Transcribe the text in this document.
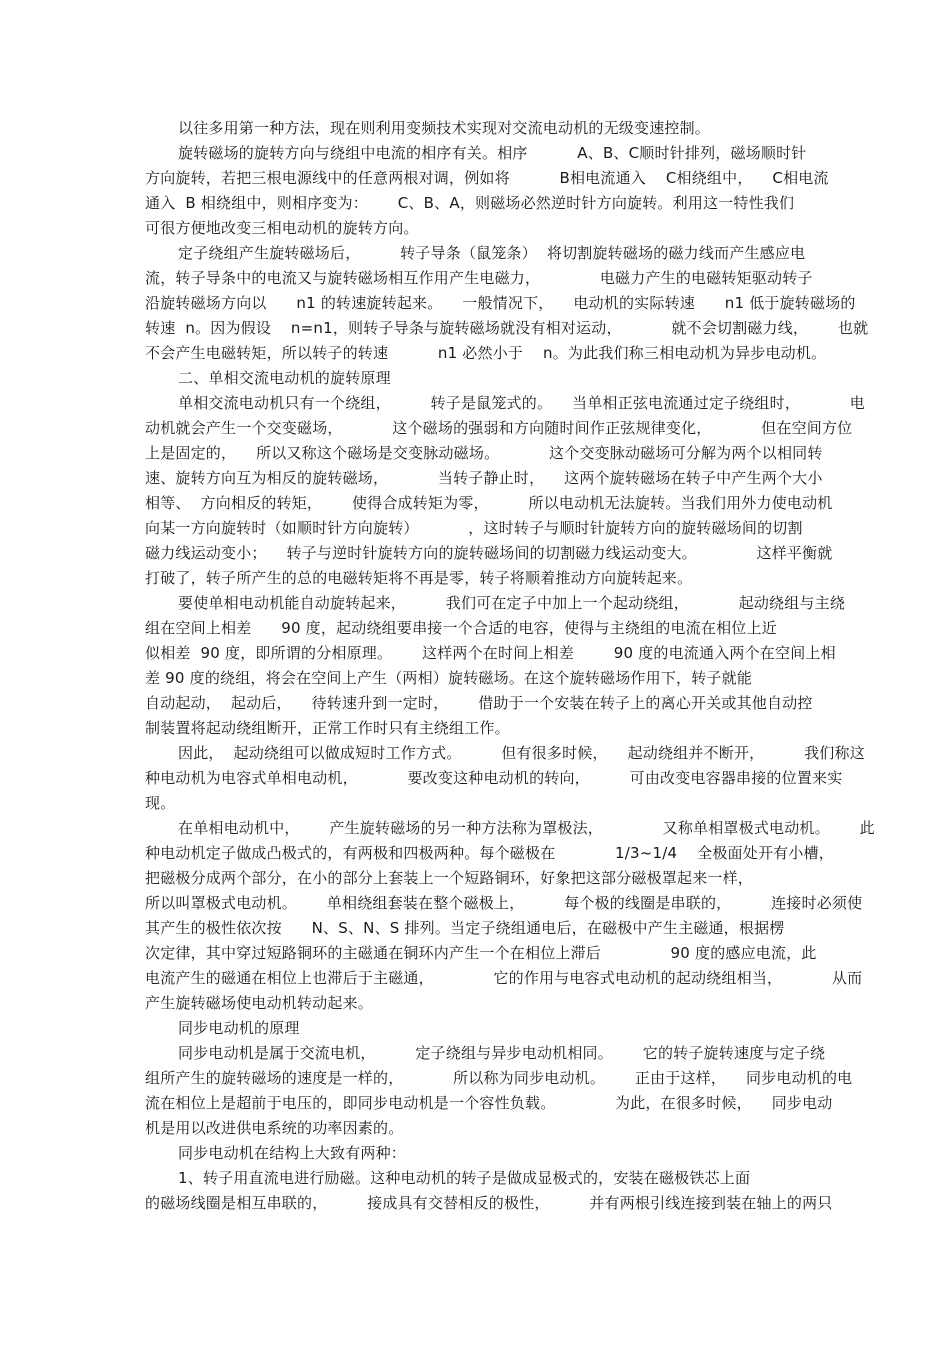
以往多用第一种方法，现在则利用变频技术实现对交流电动机的无级变速控制。
旋转磁场的旋转方向与绕组中电流的相序有关。相序          A、B、C顺时针排列，磁场顺时针
方向旋转，若把三根电源线中的任意两根对调，例如将          B相电流通入    C相绕组中，    C相电流
通入  B 相绕组中，则相序变为：      C、B、A，则磁场必然逆时针方向旋转。利用这一特性我们
可很方便地改变三相电动机的旋转方向。
定子绕组产生旋转磁场后，        转子导条（鼠笼条）  将切割旋转磁场的磁力线而产生感应电
流，转子导条中的电流又与旋转磁场相互作用产生电磁力，            电磁力产生的电磁转矩驱动转子
沿旋转磁场方向以      n1 的转速旋转起来。    一般情况下，    电动机的实际转速      n1 低于旋转磁场的
转速  n。因为假设    n=n1，则转子导条与旋转磁场就没有相对运动，          就不会切割磁力线，      也就
不会产生电磁转矩，所以转子的转速          n1 必然小于    n。为此我们称三相电动机为异步电动机。
二、单相交流电动机的旋转原理
单相交流电动机只有一个绕组，        转子是鼠笼式的。    当单相正弦电流通过定子绕组时，          电
动机就会产生一个交变磁场，          这个磁场的强弱和方向随时间作正弦规律变化，          但在空间方位
上是固定的，    所以又称这个磁场是交变脉动磁场。          这个交变脉动磁场可分解为两个以相同转
速、旋转方向互为相反的旋转磁场，          当转子静止时，    这两个旋转磁场在转子中产生两个大小
相等、  方向相反的转矩，      使得合成转矩为零，        所以电动机无法旋转。当我们用外力使电动机
向某一方向旋转时（如顺时针方向旋转）          ，这时转子与顺时针旋转方向的旋转磁场间的切割
磁力线运动变小；    转子与逆时针旋转方向的旋转磁场间的切割磁力线运动变大。            这样平衡就
打破了，转子所产生的总的电磁转矩将不再是零，转子将顺着推动方向旋转起来。
要使单相电动机能自动旋转起来，        我们可在定子中加上一个起动绕组，          起动绕组与主绕
组在空间上相差      90 度，起动绕组要串接一个合适的电容，使得与主绕组的电流在相位上近
似相差  90 度，即所谓的分相原理。      这样两个在时间上相差        90 度的电流通入两个在空间上相
差 90 度的绕组，将会在空间上产生（两相）旋转磁场。在这个旋转磁场作用下，转子就能
自动起动，  起动后，    待转速升到一定时，      借助于一个安装在转子上的离心开关或其他自动控
制装置将起动绕组断开，正常工作时只有主绕组工作。
因此，  起动绕组可以做成短时工作方式。        但有很多时候，    起动绕组并不断开，        我们称这
种电动机为电容式单相电动机，          要改变这种电动机的转向，        可由改变电容器串接的位置来实
现。
在单相电动机中，      产生旋转磁场的另一种方法称为罩极法，            又称单相罩极式电动机。      此
种电动机定子做成凸极式的，有两极和四极两种。每个磁极在            1/3~1/4    全极面处开有小槽，
把磁极分成两个部分，在小的部分上套装上一个短路铜环，好象把这部分磁极罩起来一样，
所以叫罩极式电动机。      单相绕组套装在整个磁极上，        每个极的线圈是串联的，        连接时必须使
其产生的极性依次按      N、S、N、S 排列。当定子绕组通电后，在磁极中产生主磁通，根据楞
次定律，其中穿过短路铜环的主磁通在铜环内产生一个在相位上滞后              90 度的感应电流，此
电流产生的磁通在相位上也滞后于主磁通，            它的作用与电容式电动机的起动绕组相当，          从而
产生旋转磁场使电动机转动起来。
同步电动机的原理
同步电动机是属于交流电机，        定子绕组与异步电动机相同。      它的转子旋转速度与定子绕
组所产生的旋转磁场的速度是一样的，          所以称为同步电动机。      正由于这样，    同步电动机的电
流在相位上是超前于电压的，即同步电动机是一个容性负载。            为此，在很多时候，    同步电动
机是用以改进供电系统的功率因素的。
同步电动机在结构上大致有两种：
1、转子用直流电进行励磁。这种电动机的转子是做成显极式的，安装在磁极铁芯上面
的磁场线圈是相互串联的，        接成具有交替相反的极性，        并有两根引线连接到装在轴上的两只
